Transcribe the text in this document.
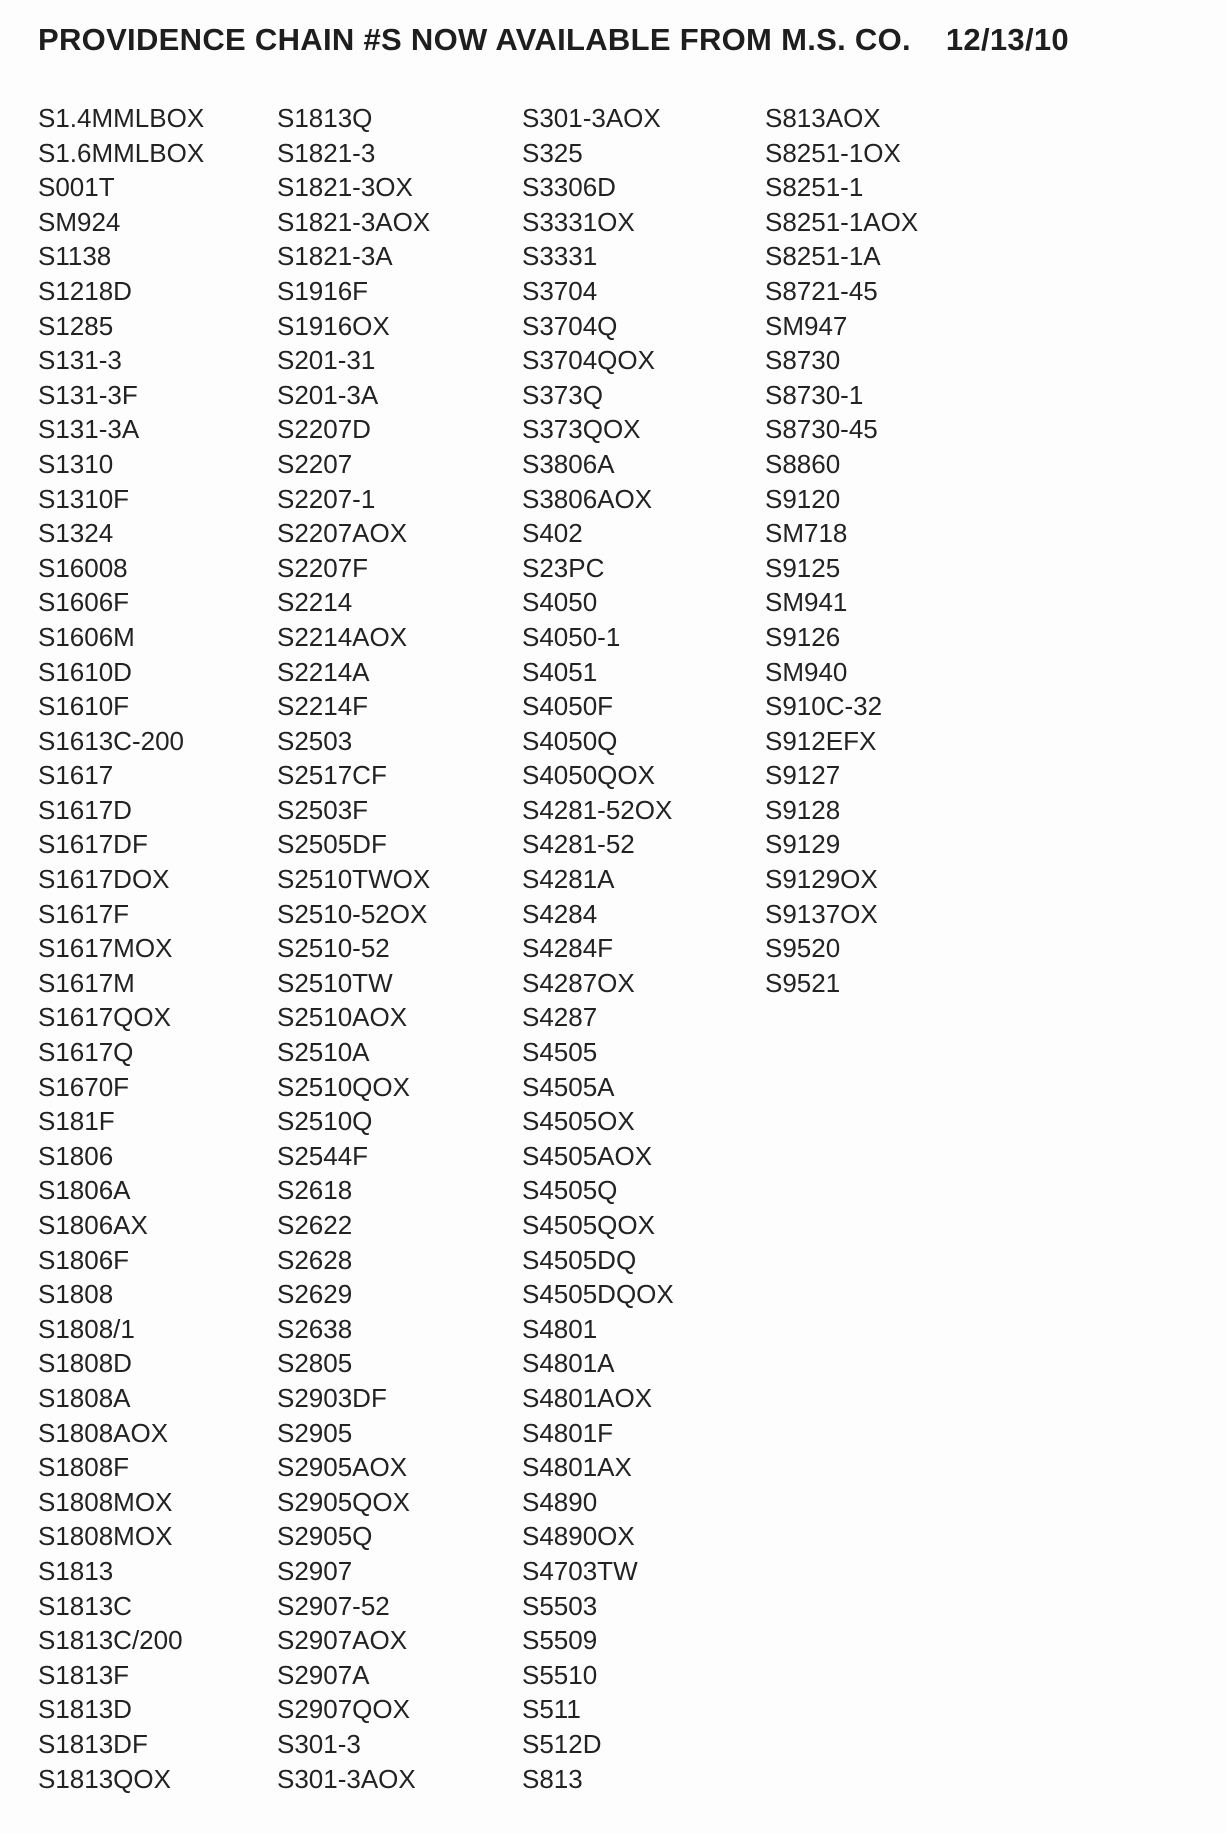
PROVIDENCE CHAIN #S NOW AVAILABLE FROM M.S. CO. 12/13/10
S1.4MMLBOX
S1.6MMLBOX
S001T
SM924
S1138
S1218D
S1285
S131-3
S131-3F
S131-3A
S1310
S1310F
S1324
S16008
S1606F
S1606M
S1610D
S1610F
S1613C-200
S1617
S1617D
S1617DF
S1617DOX
S1617F
S1617MOX
S1617M
S1617QOX
S1617Q
S1670F
S181F
S1806
S1806A
S1806AX
S1806F
S1808
S1808/1
S1808D
S1808A
S1808AOX
S1808F
S1808MOX
S1808MOX
S1813
S1813C
S1813C/200
S1813F
S1813D
S1813DF
S1813QOX
S1813Q
S1821-3
S1821-3OX
S1821-3AOX
S1821-3A
S1916F
S1916OX
S201-31
S201-3A
S2207D
S2207
S2207-1
S2207AOX
S2207F
S2214
S2214AOX
S2214A
S2214F
S2503
S2517CF
S2503F
S2505DF
S2510TWOX
S2510-52OX
S2510-52
S2510TW
S2510AOX
S2510A
S2510QOX
S2510Q
S2544F
S2618
S2622
S2628
S2629
S2638
S2805
S2903DF
S2905
S2905AOX
S2905QOX
S2905Q
S2907
S2907-52
S2907AOX
S2907A
S2907QOX
S301-3
S301-3AOX
S301-3AOX
S325
S3306D
S3331OX
S3331
S3704
S3704Q
S3704QOX
S373Q
S373QOX
S3806A
S3806AOX
S402
S23PC
S4050
S4050-1
S4051
S4050F
S4050Q
S4050QOX
S4281-52OX
S4281-52
S4281A
S4284
S4284F
S4287OX
S4287
S4505
S4505A
S4505OX
S4505AOX
S4505Q
S4505QOX
S4505DQ
S4505DQOX
S4801
S4801A
S4801AOX
S4801F
S4801AX
S4890
S4890OX
S4703TW
S5503
S5509
S5510
S511
S512D
S813
S813AOX
S8251-1OX
S8251-1
S8251-1AOX
S8251-1A
S8721-45
SM947
S8730
S8730-1
S8730-45
S8860
S9120
SM718
S9125
SM941
S9126
SM940
S910C-32
S912EFX
S9127
S9128
S9129
S9129OX
S9137OX
S9520
S9521
